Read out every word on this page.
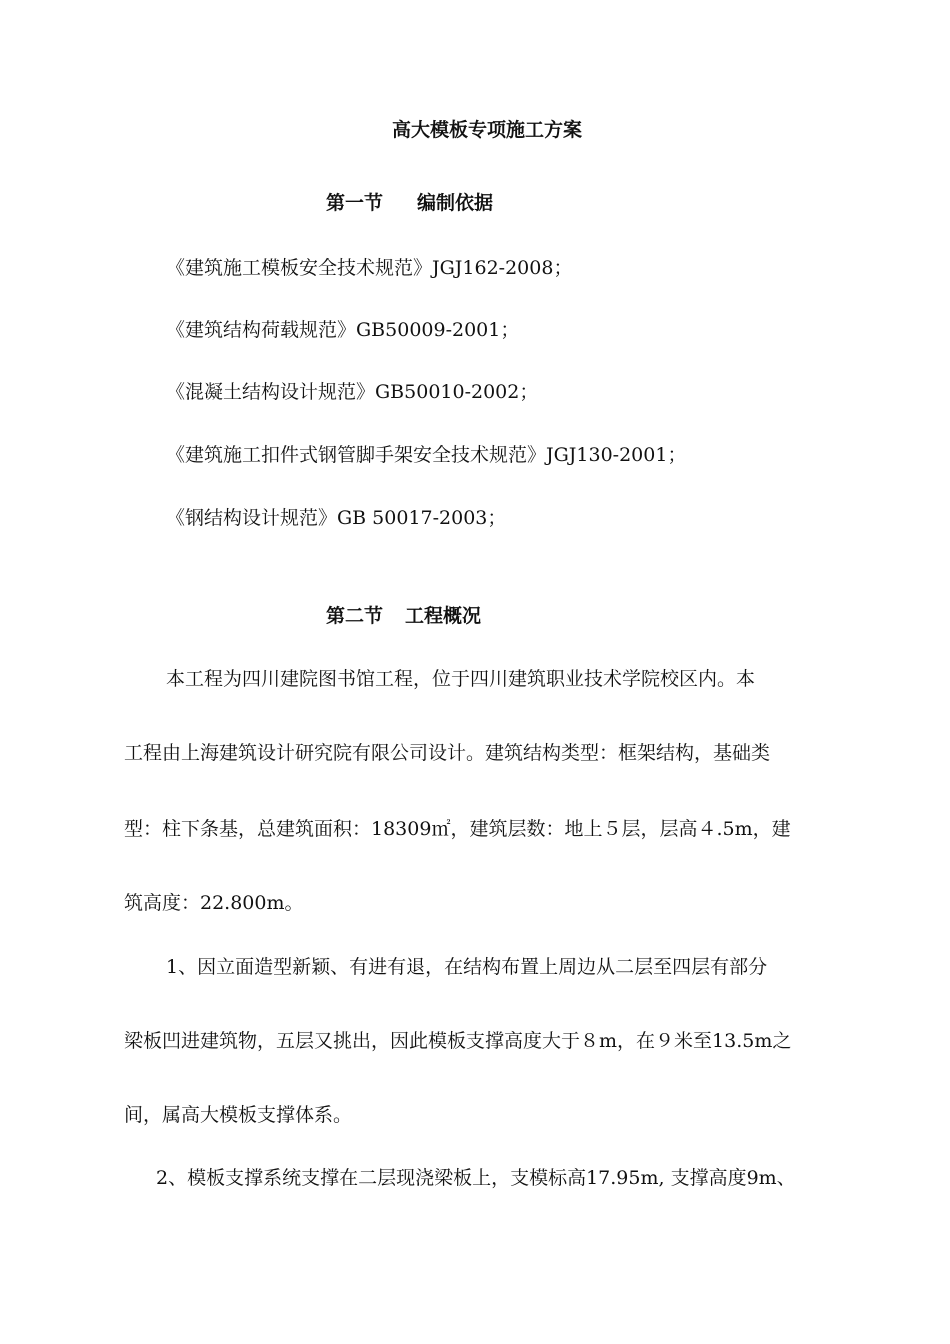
高大模板专项施工方案
第一节 编制依据
《建筑施工模板安全技术规范》JGJ162-2008；
《建筑结构荷载规范》GB50009-2001；
《混凝土结构设计规范》GB50010-2002；
《建筑施工扣件式钢管脚手架安全技术规范》JGJ130-2001；
《钢结构设计规范》GB 50017-2003；
第二节 工程概况
本工程为四川建院图书馆工程，位于四川建筑职业技术学院校区内。本
工程由上海建筑设计研究院有限公司设计。建筑结构类型：框架结构，基础类
型：柱下条基，总建筑面积：18309㎡，建筑层数：地上５层，层高４.5m，建
筑高度：22.800m。
1、因立面造型新颖、有进有退，在结构布置上周边从二层至四层有部分
梁板凹进建筑物，五层又挑出，因此模板支撑高度大于８m，在９米至13.5m之
间，属高大模板支撑体系。
2、模板支撑系统支撑在二层现浇梁板上，支模标高17.95m, 支撑高度9m、
